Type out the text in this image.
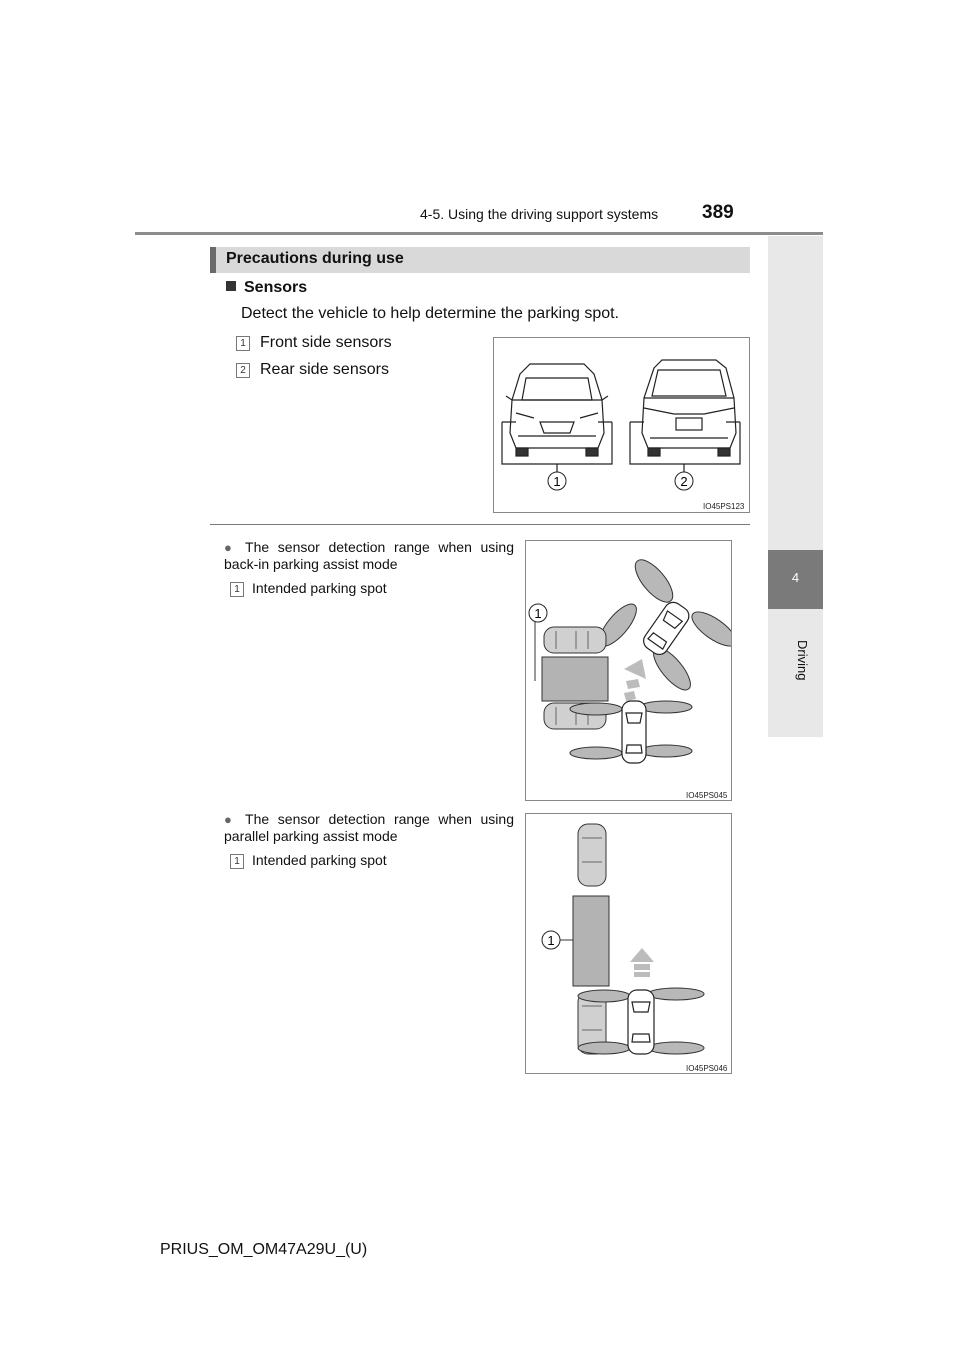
4-5. Using the driving support systems 389
4
Driving
Precautions during use
Sensors
Detect the vehicle to help determine the parking spot.
1 Front side sensors
2 Rear side sensors
1	2
IO45PS123
● The sensor detection range when using back-in parking assist mode
1 Intended parking spot
1
IO45PS045
● The sensor detection range when using parallel parking assist mode
1 Intended parking spot
1
IO45PS046
PRIUS_OM_OM47A29U_(U)
